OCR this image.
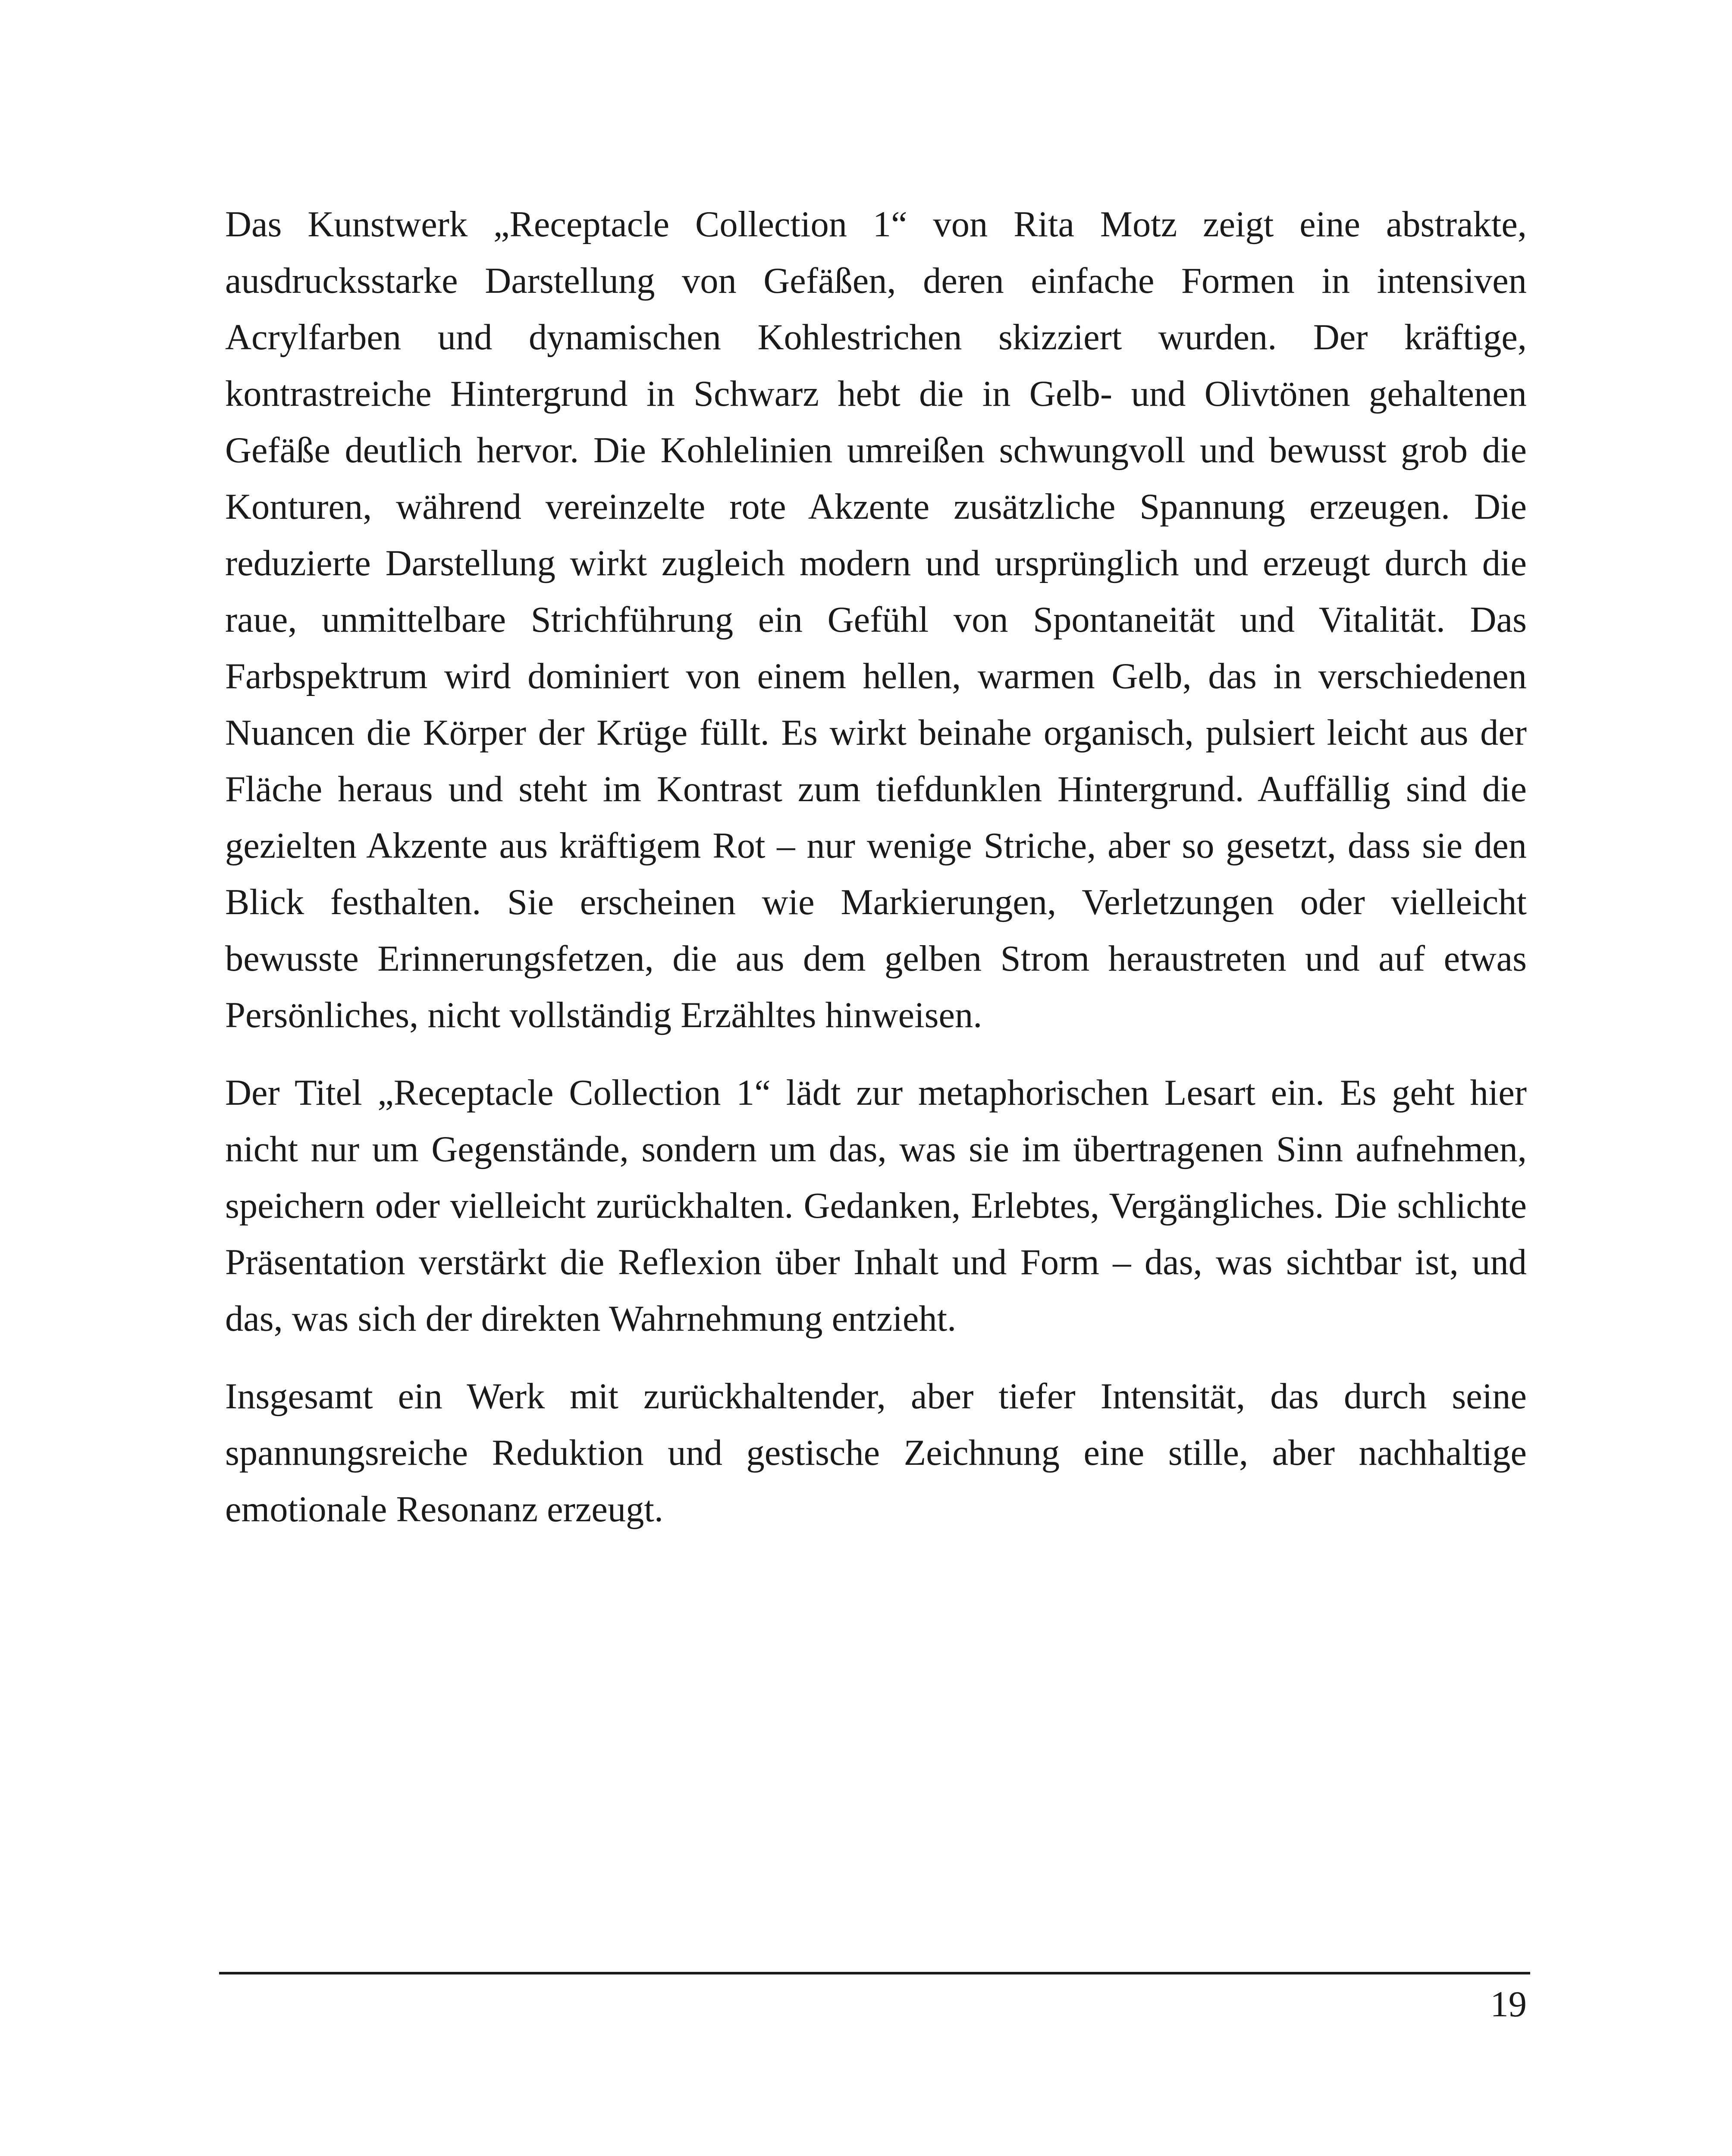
Das Kunstwerk „Receptacle Collection 1“ von Rita Motz zeigt eine abstrakte, ausdrucksstarke Darstellung von Gefäßen, deren einfache Formen in intensiven Acrylfarben und dynamischen Kohlestrichen skizziert wurden. Der kräftige, kontrastreiche Hintergrund in Schwarz hebt die in Gelb- und Olivtönen gehaltenen Gefäße deutlich hervor. Die Kohlelinien umreißen schwungvoll und bewusst grob die Konturen, während vereinzelte rote Akzente zusätzliche Spannung erzeugen. Die reduzierte Darstellung wirkt zugleich modern und ursprünglich und erzeugt durch die raue, unmittelbare Strichführung ein Gefühl von Spontaneität und Vitalität. Das Farbspektrum wird dominiert von einem hellen, warmen Gelb, das in verschiedenen Nuancen die Körper der Krüge füllt. Es wirkt beinahe organisch, pulsiert leicht aus der Fläche heraus und steht im Kontrast zum tiefdunklen Hintergrund. Auffällig sind die gezielten Akzente aus kräftigem Rot – nur wenige Striche, aber so gesetzt, dass sie den Blick festhalten. Sie erscheinen wie Markierungen, Verletzungen oder vielleicht bewusste Erinnerungsfetzen, die aus dem gelben Strom heraustreten und auf etwas Persönliches, nicht vollständig Erzähltes hinweisen.

Der Titel „Receptacle Collection 1“ lädt zur metaphorischen Lesart ein. Es geht hier nicht nur um Gegenstände, sondern um das, was sie im übertragenen Sinn aufnehmen, speichern oder vielleicht zurückhalten. Gedanken, Erlebtes, Vergängliches. Die schlichte Präsentation verstärkt die Reflexion über Inhalt und Form – das, was sichtbar ist, und das, was sich der direkten Wahrnehmung entzieht.

Insgesamt ein Werk mit zurückhaltender, aber tiefer Intensität, das durch seine spannungsreiche Reduktion und gestische Zeichnung eine stille, aber nachhaltige emotionale Resonanz erzeugt.

19
